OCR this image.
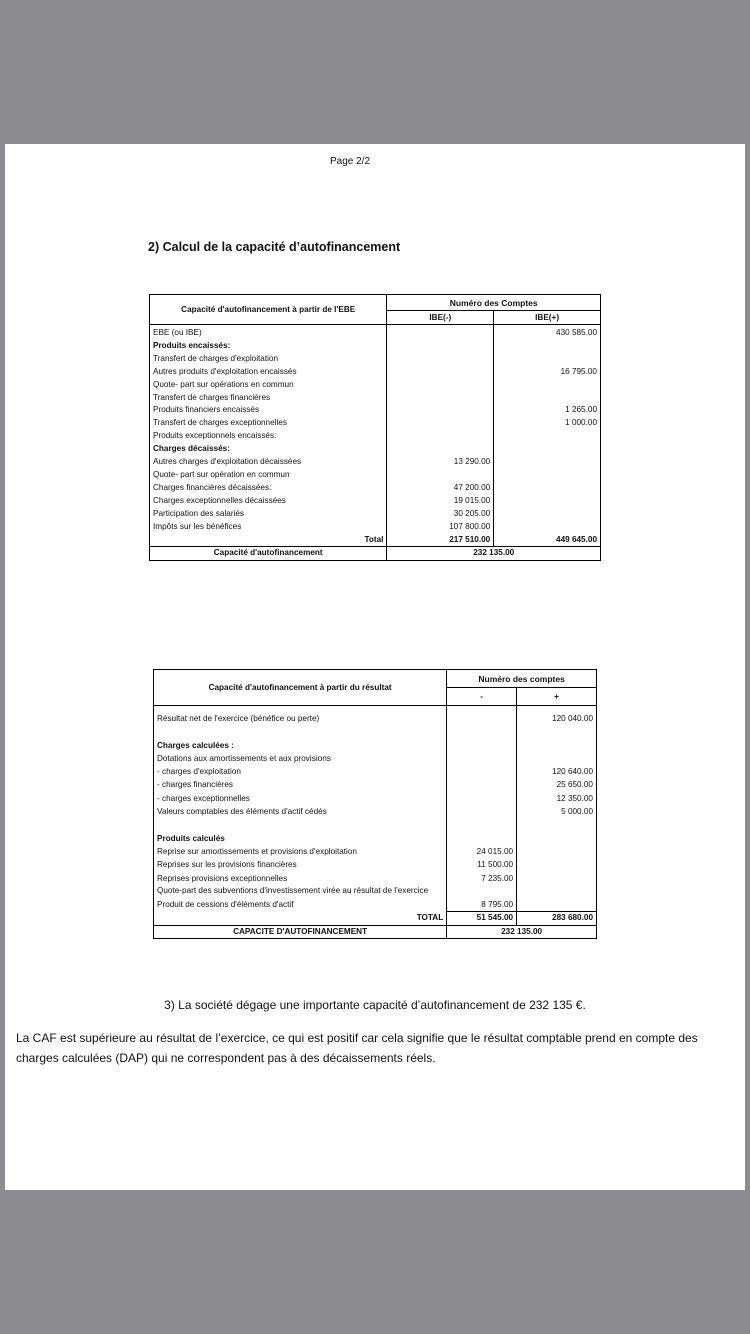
Page 2/2
2) Calcul de la capacité d’autofinancement
Capacité d'autofinancement à partir de l'EBE	Numéro des Comptes	
	IBE(-)	IBE(+)
EBE (ou IBE)		430 585.00
Produits encaissés:		
Transfert de charges d'exploitation		
Autres produits d'exploitation encaissés		16 795.00
Quote- part sur opérations en commun		
Transfert de charges financières		
Produits financiers encaissés		1 265.00
Transfert de charges exceptionnelles		1 000.00
Produits exceptionnels encaissés:		
Charges décaissés:		
Autres charges d'exploitation décaissées	13 290.00	
Quote- part sur opération en commun		
Charges financières décaissées:	47 200.00	
Charges exceptionnelles décaissées	19 015.00	
Participation des salariés	30 205.00	
Impôts sur les bénéfices	107 800.00	
Total	217 510.00	449 645.00
Capacité d'autofinancement	232 135.00	
Capacité d'autofinancement à partir du résultat	Numéro des comptes	
	-	+
Résultat net de l'exercice (bénéfice ou perte)		120 040.00

Charges calculées :		
Dotations aux amortissements et aux provisions		
- charges d'exploitation		120 640.00
- charges financières		25 650.00
- charges exceptionnelles		12 350.00
Valeurs comptables des éléments d'actif cédés		5 000.00

Produits calculés		
Reprise sur amortissements et provisions d'exploitation	24 015.00	
Reprises sur les provisions financières	11 500.00	
Reprises provisions exceptionnelles	7 235.00	
Quote-part des subventions d'investissement virée au résultat de l'exercice		
Produit de cessions d'éléments d'actif	8 795.00	
TOTAL	51 545.00	283 680.00
CAPACITE D'AUTOFINANCEMENT	232 135.00	
3) La société dégage une importante capacité d’autofinancement de 232 135 €.
La CAF est supérieure au résultat de l’exercice, ce qui est positif car cela signifie que le résultat comptable prend en compte des charges calculées (DAP) qui ne correspondent pas à des décaissements réels.
